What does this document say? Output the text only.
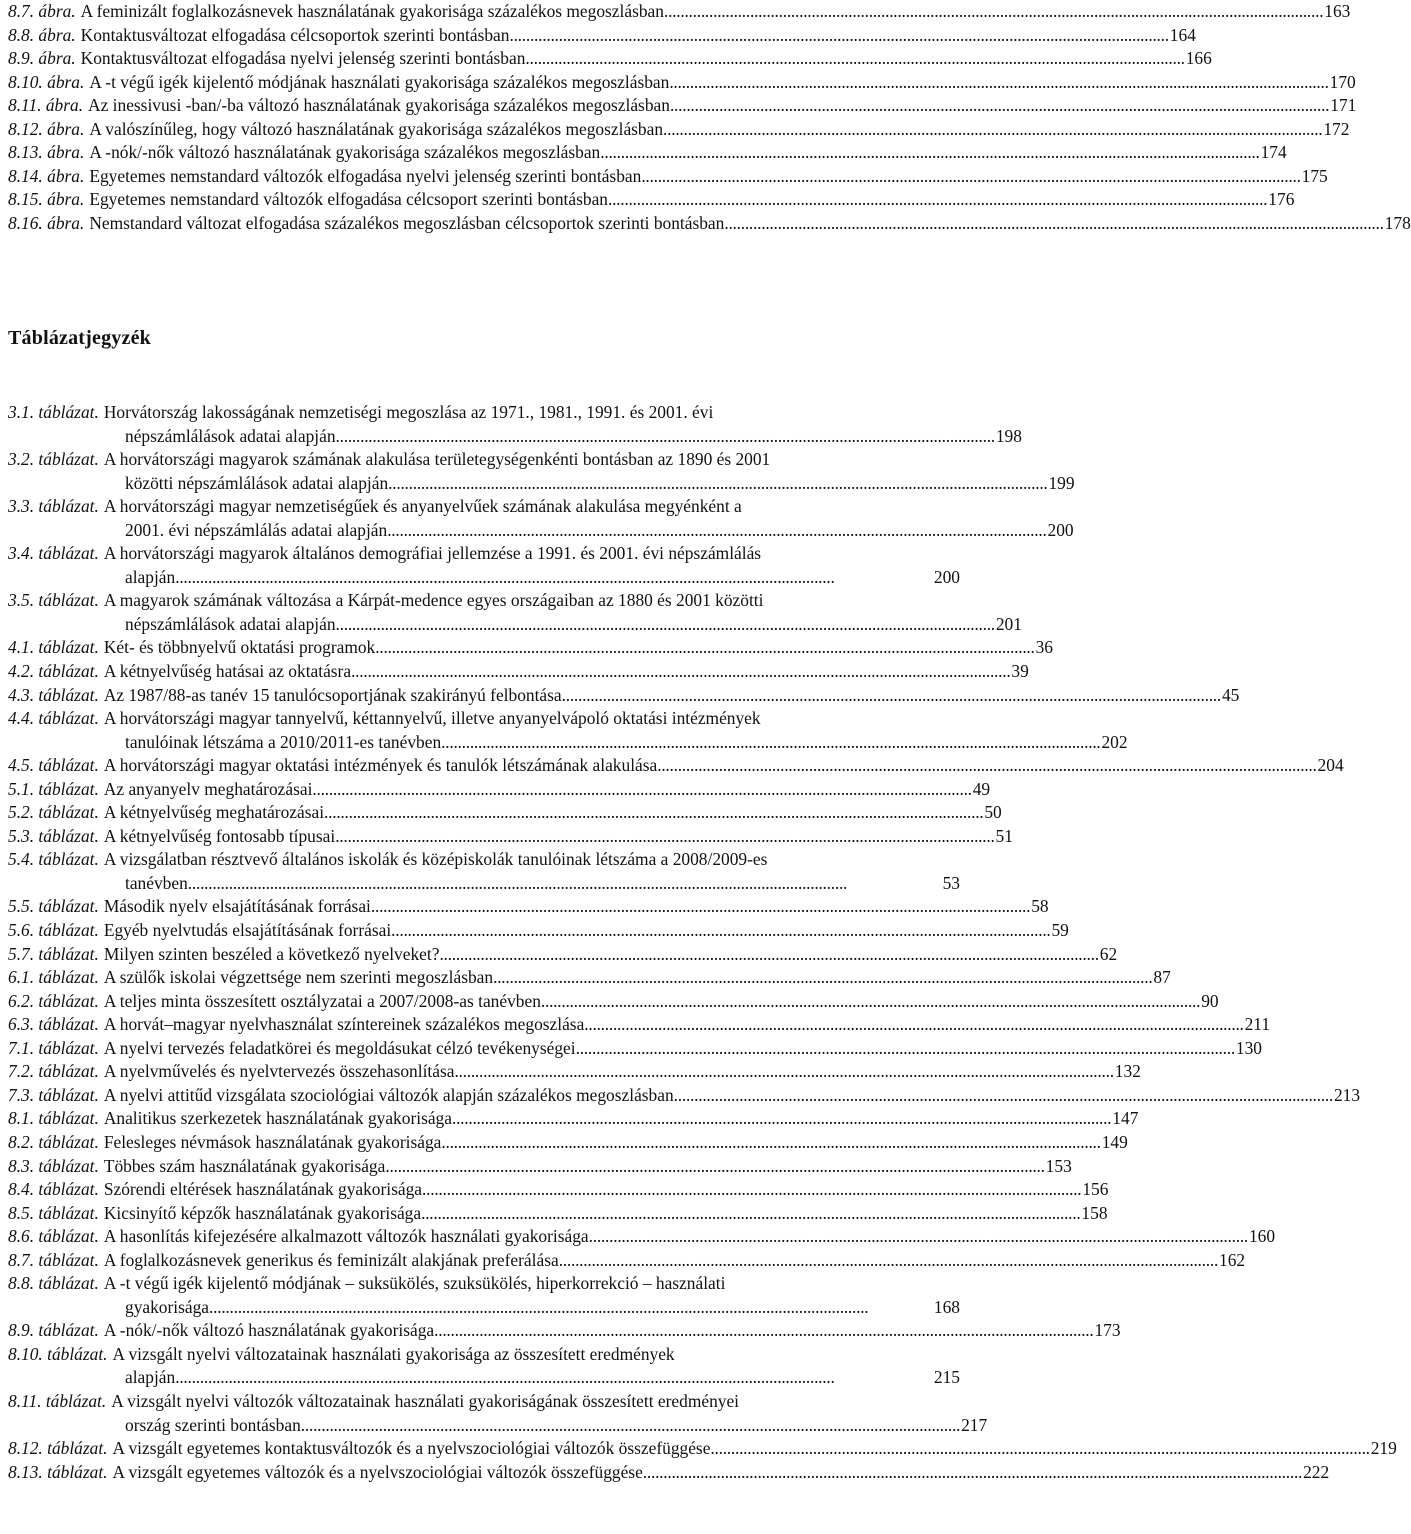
8.7. ábra. A feminizált foglalkozásnevek használatának gyakorisága százalékos megoszlásban . . .	163
8.8. ábra. Kontaktusváltozat elfogadása célcsoportok szerinti bontásban . . .	164
8.9. ábra. Kontaktusváltozat elfogadása nyelvi jelenség szerinti bontásban . . .	166
8.10. ábra. A -t végű igék kijelentő módjának használati gyakorisága százalékos megoszlásban . . .	170
8.11. ábra. Az inessivusi -ban/-ba változó használatának gyakorisága százalékos megoszlásban . . .	171
8.12. ábra. A valószínűleg, hogy változó használatának gyakorisága százalékos megoszlásban . . .	172
8.13. ábra. A -nók/-nők változó használatának gyakorisága százalékos megoszlásban . . .	174
8.14. ábra. Egyetemes nemstandard változók elfogadása nyelvi jelenség szerinti bontásban . . .	175
8.15. ábra. Egyetemes nemstandard változók elfogadása célcsoport szerinti bontásban . . .	176
8.16. ábra. Nemstandard változat elfogadása százalékos megoszlásban célcsoportok szerinti bontásban . . .	178
Táblázatjegyzék
3.1. táblázat. Horvátország lakosságának nemzetiségi megoszlása az 1971., 1981., 1991. és 2001. évi
népszámlálások adatai alapján . . .	198
3.2. táblázat. A horvátországi magyarok számának alakulása területegységenkénti bontásban az 1890 és 2001
közötti népszámlálások adatai alapján . . .	199
3.3. táblázat. A horvátországi magyar nemzetiségűek és anyanyelvűek számának alakulása megyénként a
2001. évi népszámlálás adatai alapján . . .	200
3.4. táblázat. A horvátországi magyarok általános demográfiai jellemzése a 1991. és 2001. évi népszámlálás
alapján . . .	200
3.5. táblázat. A magyarok számának változása a Kárpát-medence egyes országaiban az 1880 és 2001 közötti
népszámlálások adatai alapján . . .	201
4.1. táblázat. Két- és többnyelvű oktatási programok . . .	36
4.2. táblázat. A kétnyelvűség hatásai az oktatásra . . .	39
4.3. táblázat. Az 1987/88-as tanév 15 tanulócsoportjának szakirányú felbontása . . .	45
4.4. táblázat. A horvátországi magyar tannyelvű, kéttannyelvű, illetve anyanyelvápoló oktatási intézmények
tanulóinak létszáma a 2010/2011-es tanévben . . .	202
4.5. táblázat. A horvátországi magyar oktatási intézmények és tanulók létszámának alakulása . . .	204
5.1. táblázat. Az anyanyelv meghatározásai . . .	49
5.2. táblázat. A kétnyelvűség meghatározásai . . .	50
5.3. táblázat. A kétnyelvűség fontosabb típusai . . .	51
5.4. táblázat. A vizsgálatban résztvevő általános iskolák és középiskolák tanulóinak létszáma a 2008/2009-es
tanévben . . .	53
5.5. táblázat. Második nyelv elsajátításának forrásai . . .	58
5.6. táblázat. Egyéb nyelvtudás elsajátításának forrásai . . .	59
5.7. táblázat. Milyen szinten beszéled a következő nyelveket? . . .	62
6.1. táblázat. A szülők iskolai végzettsége nem szerinti megoszlásban . . .	87
6.2. táblázat. A teljes minta összesített osztályzatai a 2007/2008-as tanévben . . .	90
6.3. táblázat. A horvát–magyar nyelvhasználat színtereinek százalékos megoszlása . . .	211
7.1. táblázat. A nyelvi tervezés feladatkörei és megoldásukat célzó tevékenységei . . .	130
7.2. táblázat. A nyelvművelés és nyelvtervezés összehasonlítása . . .	132
7.3. táblázat. A nyelvi attitűd vizsgálata szociológiai változók alapján százalékos megoszlásban . . .	213
8.1. táblázat. Analitikus szerkezetek használatának gyakorisága . . .	147
8.2. táblázat. Felesleges névmások használatának gyakorisága . . .	149
8.3. táblázat. Többes szám használatának gyakorisága . . .	153
8.4. táblázat. Szórendi eltérések használatának gyakorisága . . .	156
8.5. táblázat. Kicsinyítő képzők használatának gyakorisága . . .	158
8.6. táblázat. A hasonlítás kifejezésére alkalmazott változók használati gyakorisága . . .	160
8.7. táblázat. A foglalkozásnevek generikus és feminizált alakjának preferálása . . .	162
8.8. táblázat. A -t végű igék kijelentő módjának – suksükölés, szuksükölés, hiperkorrekció – használati
gyakorisága . . .	168
8.9. táblázat. A -nók/-nők változó használatának gyakorisága . . .	173
8.10. táblázat. A vizsgált nyelvi változatainak használati gyakorisága az összesített eredmények
alapján . . .	215
8.11. táblázat. A vizsgált nyelvi változók változatainak használati gyakoriságának összesített eredményei
ország szerinti bontásban . . .	217
8.12. táblázat. A vizsgált egyetemes kontaktusváltozók és a nyelvszociológiai változók összefüggése . . .	219
8.13. táblázat. A vizsgált egyetemes változók és a nyelvszociológiai változók összefüggése . . .	222
